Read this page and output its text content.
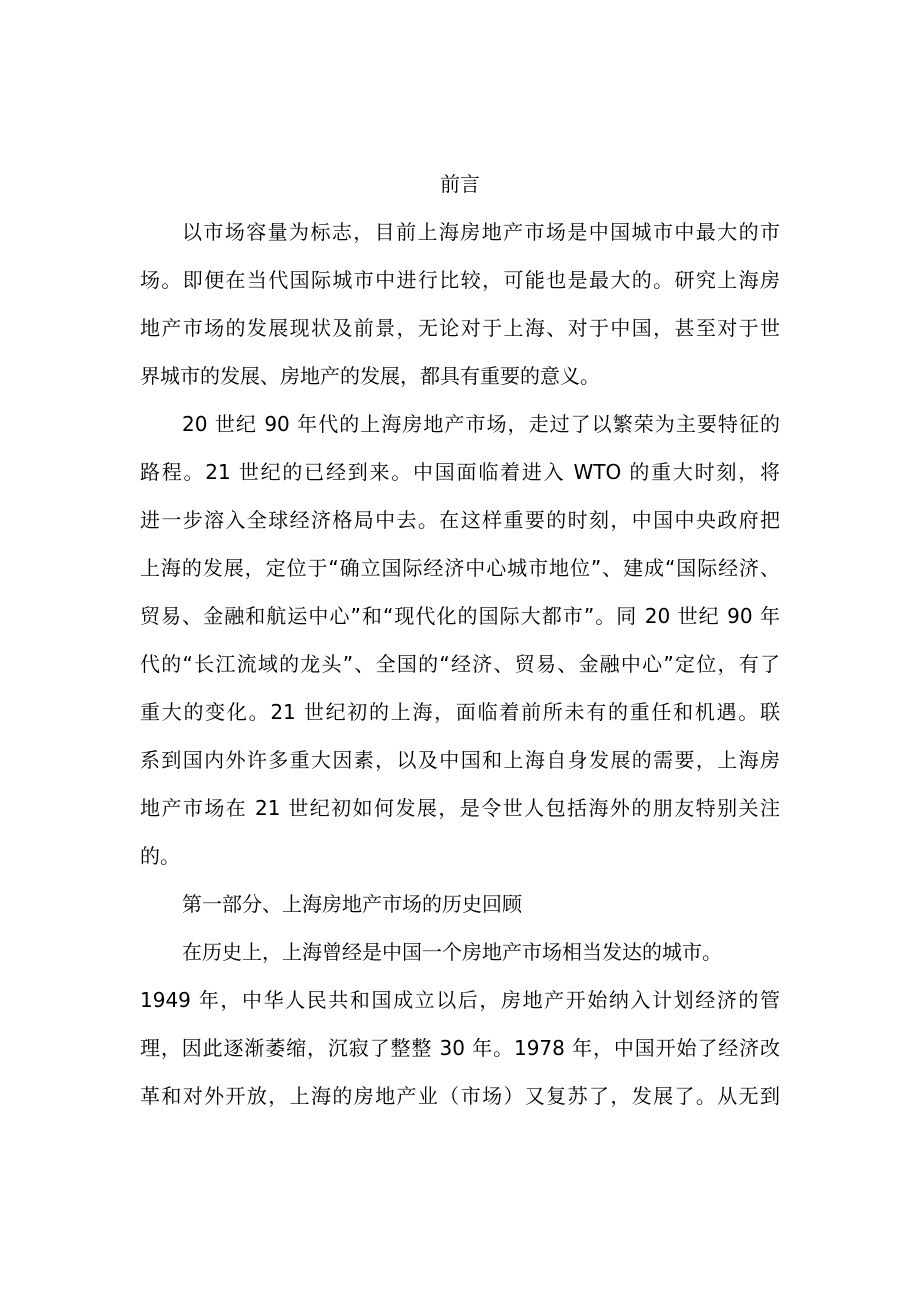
前言

以市场容量为标志，目前上海房地产市场是中国城市中最大的市

场。即便在当代国际城市中进行比较，可能也是最大的。研究上海房

地产市场的发展现状及前景，无论对于上海、对于中国，甚至对于世

界城市的发展、房地产的发展，都具有重要的意义。

20 世纪 90 年代的上海房地产市场，走过了以繁荣为主要特征的

路程。21 世纪的已经到来。中国面临着进入 WTO 的重大时刻，将

进一步溶入全球经济格局中去。在这样重要的时刻，中国中央政府把

上海的发展，定位于“确立国际经济中心城市地位”、建成“国际经济、

贸易、金融和航运中心”和“现代化的国际大都市”。同 20 世纪 90 年

代的“长江流域的龙头”、全国的“经济、贸易、金融中心”定位，有了

重大的变化。21 世纪初的上海，面临着前所未有的重任和机遇。联

系到国内外许多重大因素，以及中国和上海自身发展的需要，上海房

地产市场在 21 世纪初如何发展，是令世人包括海外的朋友特别关注

的。

第一部分、上海房地产市场的历史回顾

在历史上，上海曾经是中国一个房地产市场相当发达的城市。

1949 年，中华人民共和国成立以后，房地产开始纳入计划经济的管

理，因此逐渐萎缩，沉寂了整整 30 年。1978 年，中国开始了经济改

革和对外开放，上海的房地产业（市场）又复苏了，发展了。从无到
